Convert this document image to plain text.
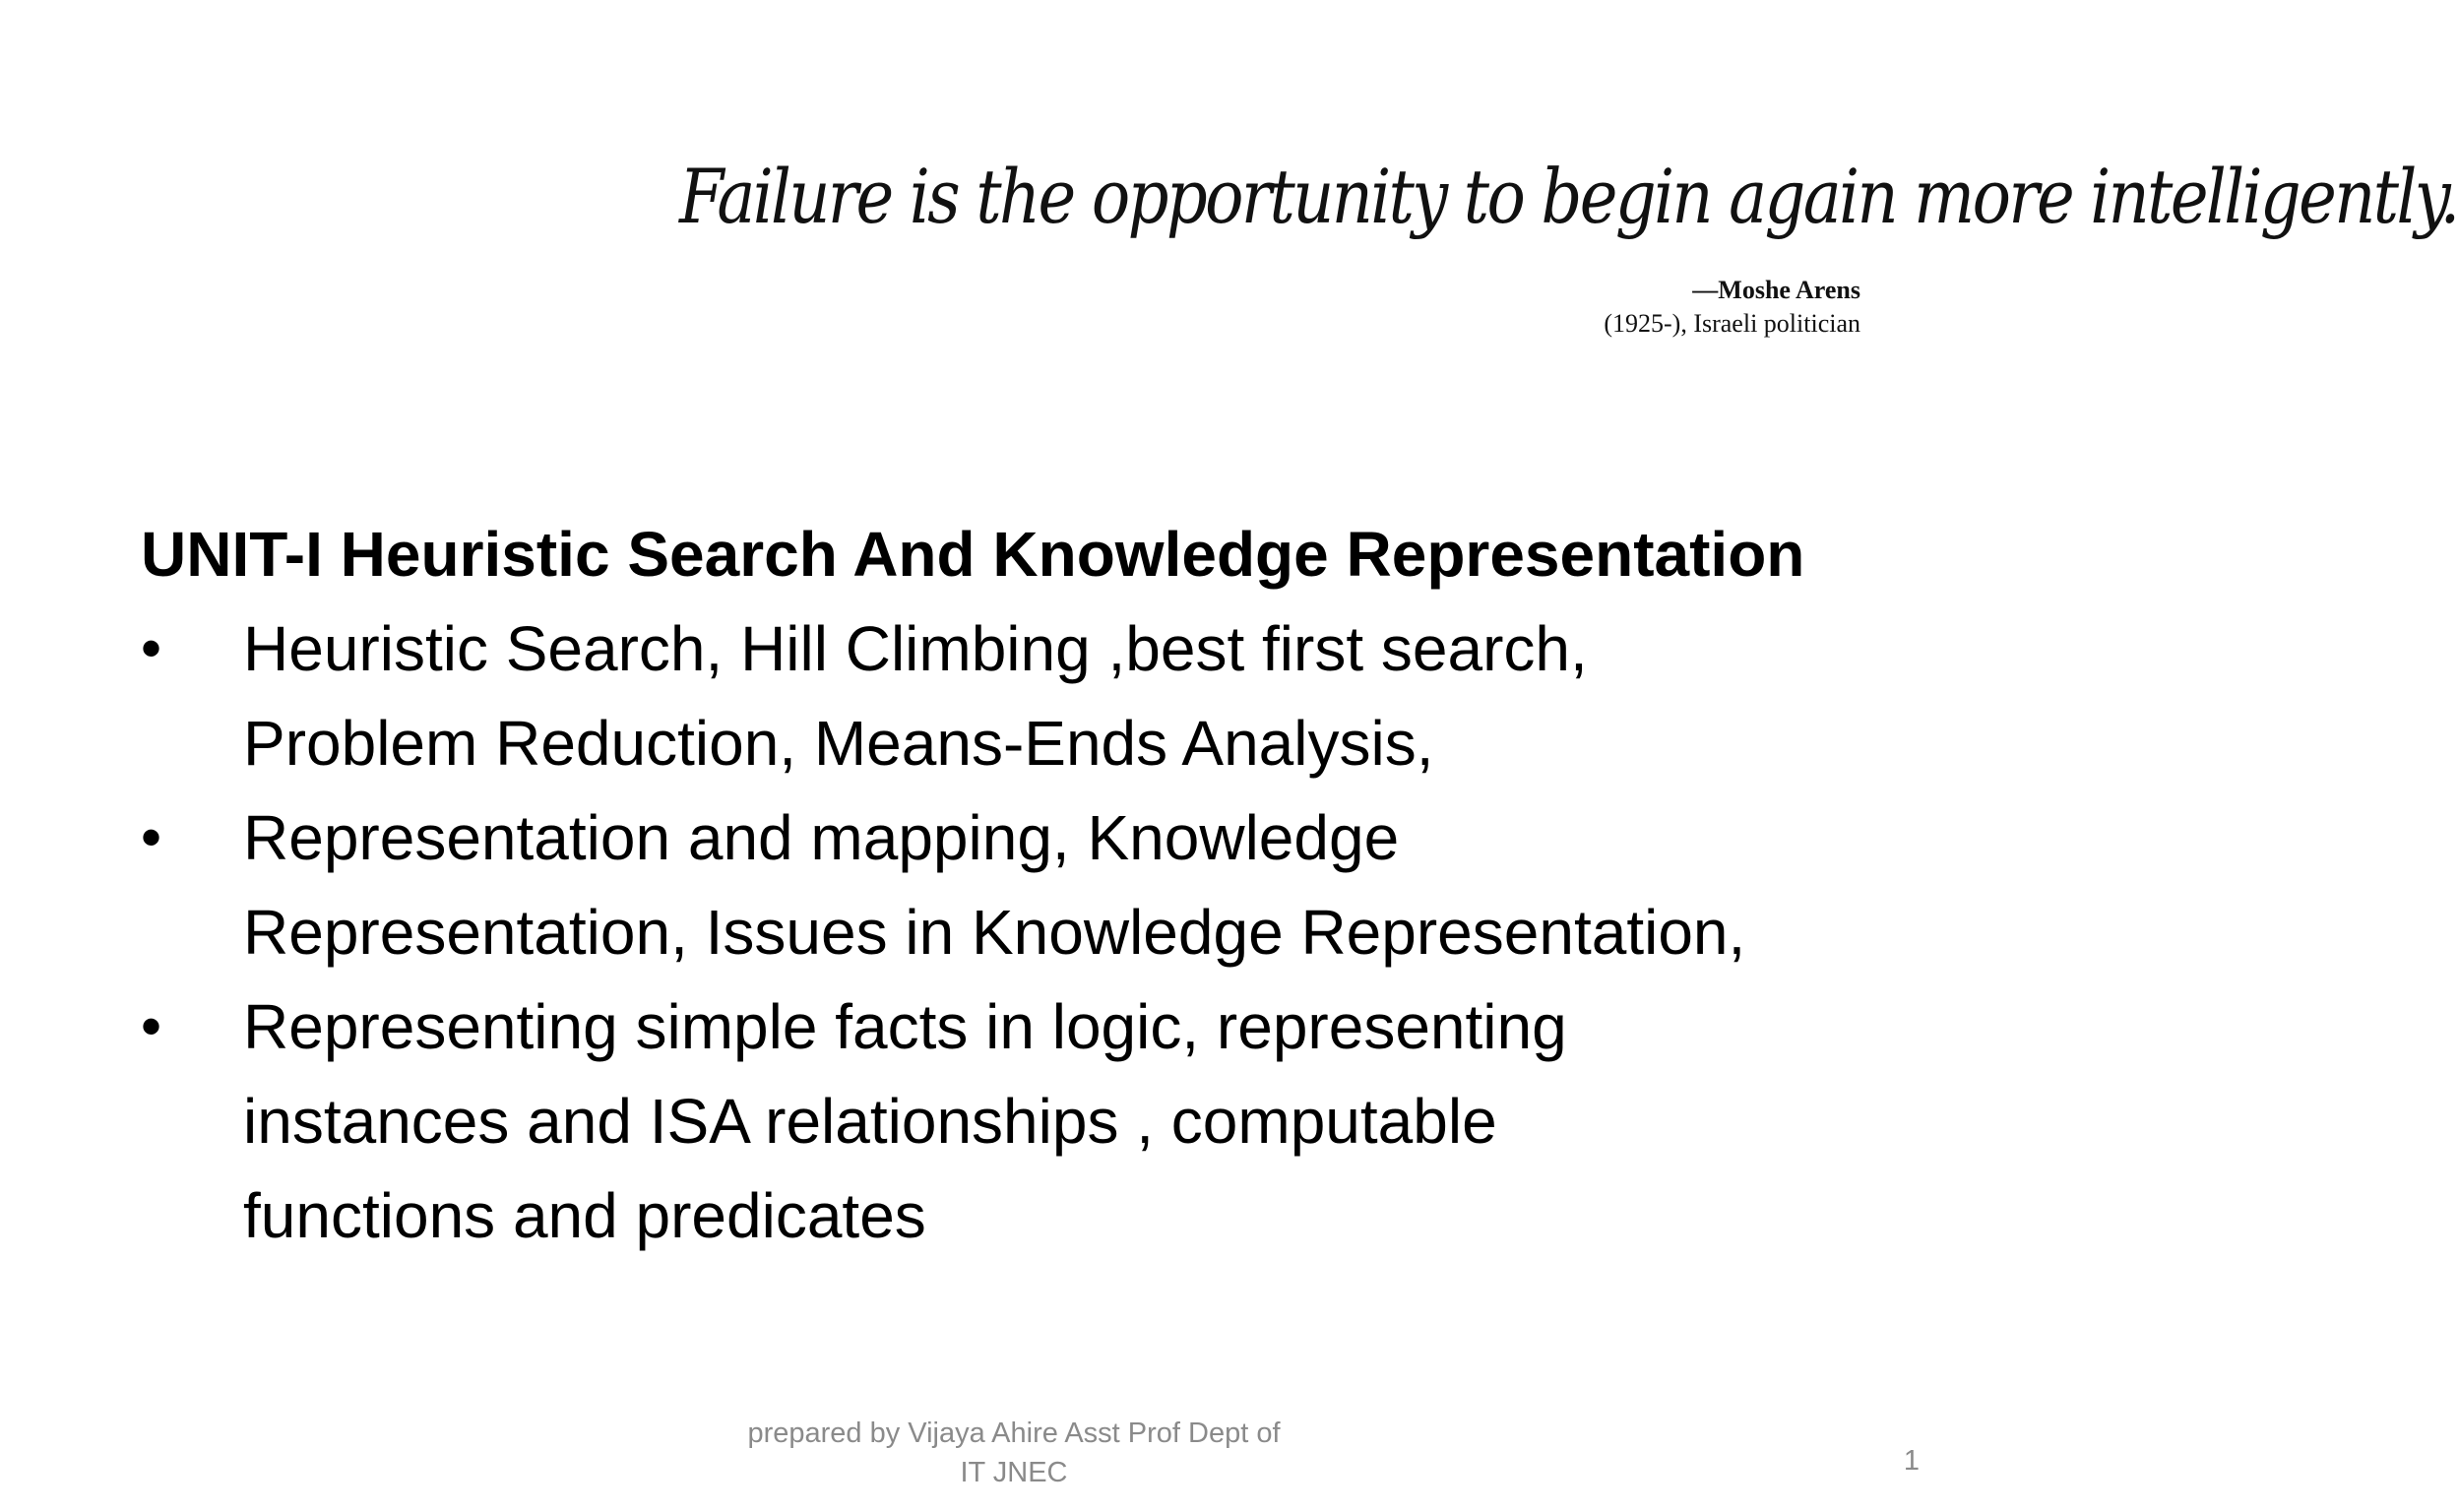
Failure is the opportunity to begin again more intelligently.
—Moshe Arens
(1925-), Israeli politician
UNIT-I Heuristic Search And Knowledge Representation
• Heuristic Search, Hill Climbing ,best first search,
Problem Reduction, Means-Ends Analysis,
• Representation and mapping, Knowledge
Representation, Issues in Knowledge Representation,
• Representing simple facts in logic, representing
instances and ISA relationships , computable
functions and predicates
prepared by Vijaya Ahire Asst Prof Dept of
IT JNEC	1
